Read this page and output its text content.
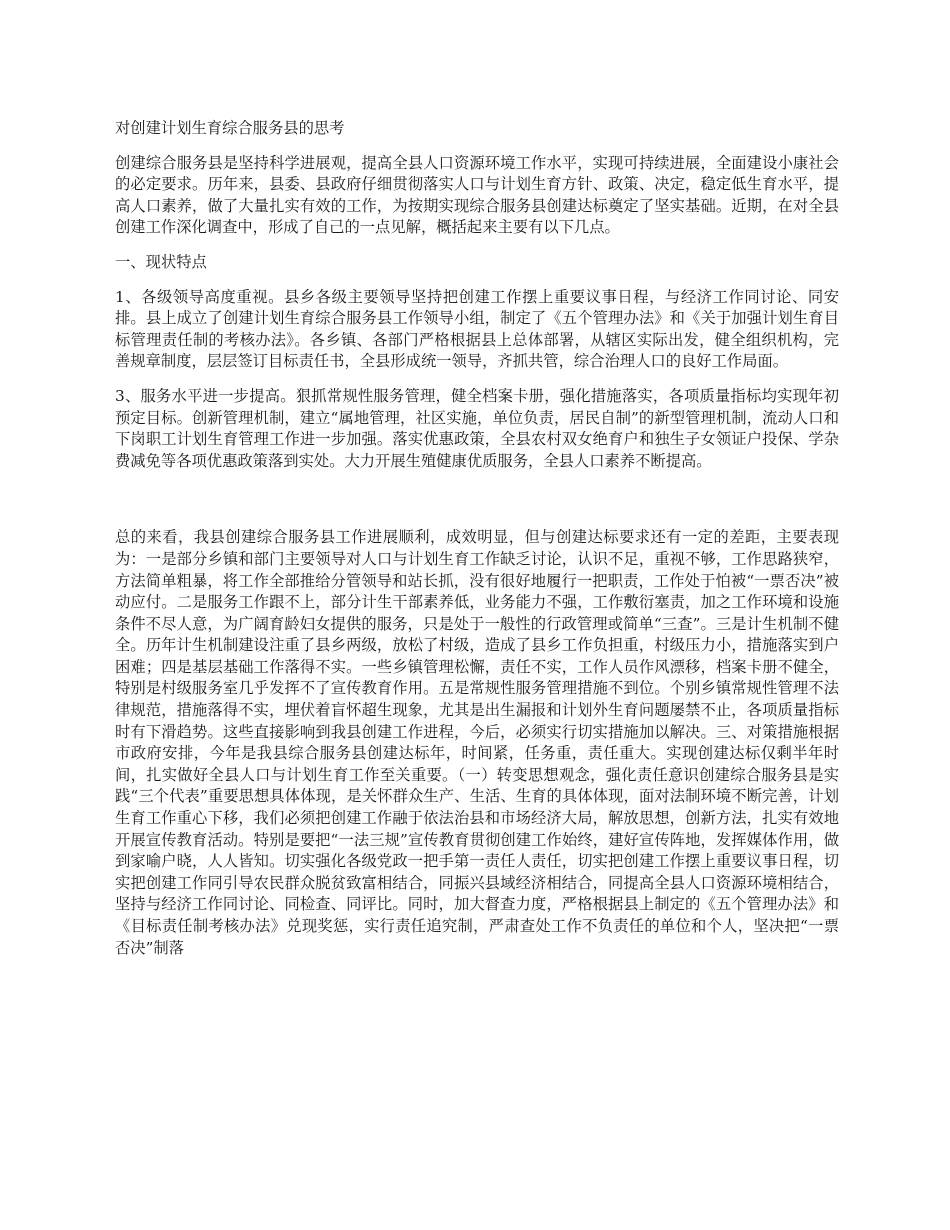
对创建计划生育综合服务县的思考
创建综合服务县是坚持科学进展观，提高全县人口资源环境工作水平，实现可持续进展，全面建设小康社会的必定要求。历年来，县委、县政府仔细贯彻落实人口与计划生育方针、政策、决定，稳定低生育水平，提高人口素养，做了大量扎实有效的工作，为按期实现综合服务县创建达标奠定了坚实基础。近期，在对全县创建工作深化调查中，形成了自己的一点见解，概括起来主要有以下几点。
一、现状特点
1、各级领导高度重视。县乡各级主要领导坚持把创建工作摆上重要议事日程，与经济工作同讨论、同安排。县上成立了创建计划生育综合服务县工作领导小组，制定了《五个管理办法》和《关于加强计划生育目标管理责任制的考核办法》。各乡镇、各部门严格根据县上总体部署，从辖区实际出发，健全组织机构，完善规章制度，层层签订目标责任书，全县形成统一领导，齐抓共管，综合治理人口的良好工作局面。
3、服务水平进一步提高。狠抓常规性服务管理，健全档案卡册，强化措施落实，各项质量指标均实现年初预定目标。创新管理机制，建立“属地管理，社区实施，单位负责，居民自制”的新型管理机制，流动人口和下岗职工计划生育管理工作进一步加强。落实优惠政策，全县农村双女绝育户和独生子女领证户投保、学杂费减免等各项优惠政策落到实处。大力开展生殖健康优质服务，全县人口素养不断提高。
总的来看，我县创建综合服务县工作进展顺利，成效明显，但与创建达标要求还有一定的差距，主要表现为：一是部分乡镇和部门主要领导对人口与计划生育工作缺乏讨论，认识不足，重视不够，工作思路狭窄，方法简单粗暴，将工作全部推给分管领导和站长抓，没有很好地履行一把职责，工作处于怕被“一票否决”被动应付。二是服务工作跟不上，部分计生干部素养低，业务能力不强，工作敷衍塞责，加之工作环境和设施条件不尽人意，为广阔育龄妇女提供的服务，只是处于一般性的行政管理或简单“三查”。三是计生机制不健全。历年计生机制建设注重了县乡两级，放松了村级，造成了县乡工作负担重，村级压力小，措施落实到户困难；四是基层基础工作落得不实。一些乡镇管理松懈，责任不实，工作人员作风漂移，档案卡册不健全，特别是村级服务室几乎发挥不了宣传教育作用。五是常规性服务管理措施不到位。个别乡镇常规性管理不法律规范，措施落得不实，埋伏着盲怀超生现象，尤其是出生漏报和计划外生育问题屡禁不止，各项质量指标时有下滑趋势。这些直接影响到我县创建工作进程，今后，必须实行切实措施加以解决。三、对策措施根据市政府安排，今年是我县综合服务县创建达标年，时间紧，任务重，责任重大。实现创建达标仅剩半年时间，扎实做好全县人口与计划生育工作至关重要。（一）转变思想观念，强化责任意识创建综合服务县是实践“三个代表”重要思想具体体现，是关怀群众生产、生活、生育的具体体现，面对法制环境不断完善，计划生育工作重心下移，我们必须把创建工作融于依法治县和市场经济大局，解放思想，创新方法，扎实有效地开展宣传教育活动。特别是要把“一法三规”宣传教育贯彻创建工作始终，建好宣传阵地，发挥媒体作用，做到家喻户晓，人人皆知。切实强化各级党政一把手第一责任人责任，切实把创建工作摆上重要议事日程，切实把创建工作同引导农民群众脱贫致富相结合，同振兴县域经济相结合，同提高全县人口资源环境相结合，坚持与经济工作同讨论、同检查、同评比。同时，加大督查力度，严格根据县上制定的《五个管理办法》和《目标责任制考核办法》兑现奖惩，实行责任追究制，严肃查处工作不负责任的单位和个人，坚决把“一票否决”制落
